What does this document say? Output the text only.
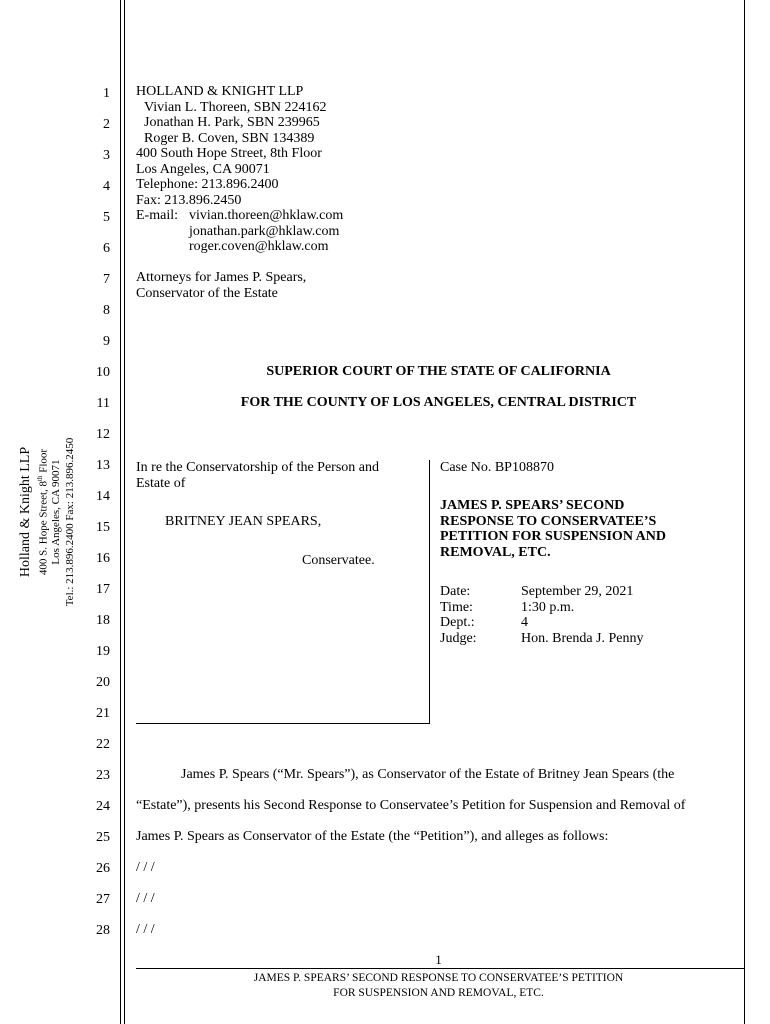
1
2
3
4
5
6
7
8
9
10
11
12
13
14
15
16
17
18
19
20
21
22
23
24
25
26
27
28
Holland & Knight LLP 400 S. Hope Street, 8th Floor Los Angeles, CA 90071 Tel.: 213.896.2400 Fax: 213.896.2450
HOLLAND & KNIGHT LLP
Vivian L. Thoreen, SBN 224162
Jonathan H. Park, SBN 239965
Roger B. Coven, SBN 134389
400 South Hope Street, 8th Floor
Los Angeles, CA 90071
Telephone: 213.896.2400
Fax: 213.896.2450
E-mail: vivian.thoreen@hklaw.com
jonathan.park@hklaw.com
roger.coven@hklaw.com
Attorneys for James P. Spears,
Conservator of the Estate
SUPERIOR COURT OF THE STATE OF CALIFORNIA
FOR THE COUNTY OF LOS ANGELES, CENTRAL DISTRICT
In re the Conservatorship of the Person and
Estate of
BRITNEY JEAN SPEARS,
Conservatee.
Case No. BP108870
JAMES P. SPEARS’ SECOND
RESPONSE TO CONSERVATEE’S
PETITION FOR SUSPENSION AND
REMOVAL, ETC.
Date:	September 29, 2021
Time:	1:30 p.m.
Dept.:	4
Judge:	Hon. Brenda J. Penny
James P. Spears (“Mr. Spears”), as Conservator of the Estate of Britney Jean Spears (the
“Estate”), presents his Second Response to Conservatee’s Petition for Suspension and Removal of
James P. Spears as Conservator of the Estate (the “Petition”), and alleges as follows:
/ / /
/ / /
/ / /
1
JAMES P. SPEARS’ SECOND RESPONSE TO CONSERVATEE’S PETITION
FOR SUSPENSION AND REMOVAL, ETC.
